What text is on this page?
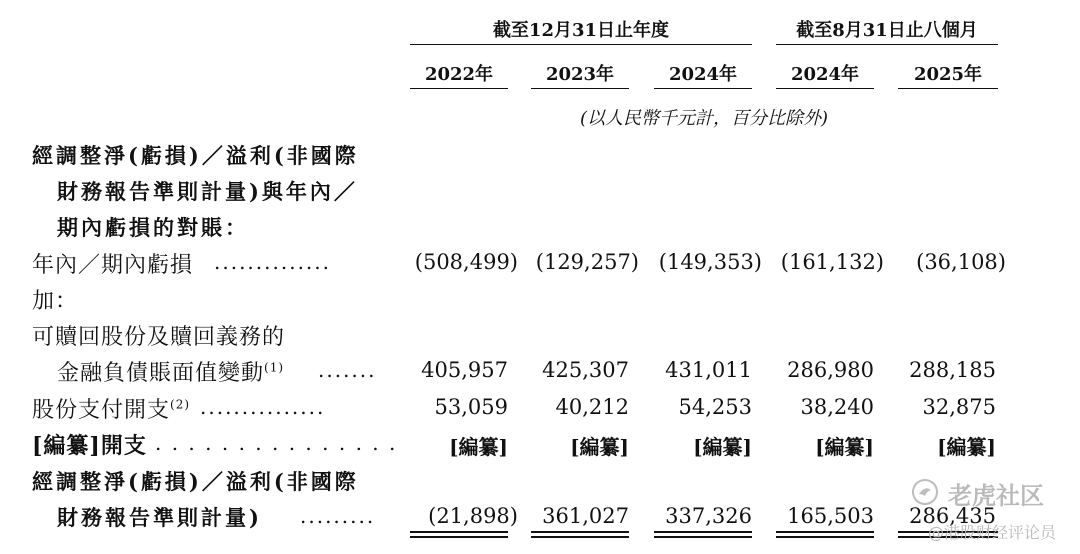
截至12月31日止年度	截至8月31日止八個月
2022年	2023年	2024年	2024年	2025年
(以人民幣千元計，百分比除外)
經調整淨(虧損)／溢利(非國際
財務報告準則計量)與年內／
期內虧損的對賬：
年內／期內虧損 ..............	(508,499) (129,257) (149,353) (161,132)	(36,108)
加：
可贖回股份及贖回義務的
金融負債賬面值變動$^{(1)}$ .......	405,957	425,307	431,011	286,980	288,185
股份支付開支$^{(2)}$ ...............	53,059	40,212	54,253	38,240	32,875
[編纂]開支 . . . . . . . . . . . . . . .	[編纂]	[編纂]	[編纂]	[編纂]	[編纂]
經調整淨(虧損)／溢利(非國際
財務報告準則計量) .........	(21,898)	361,027	337,326	165,503	286,435
老虎社区
@港股财经评论员
